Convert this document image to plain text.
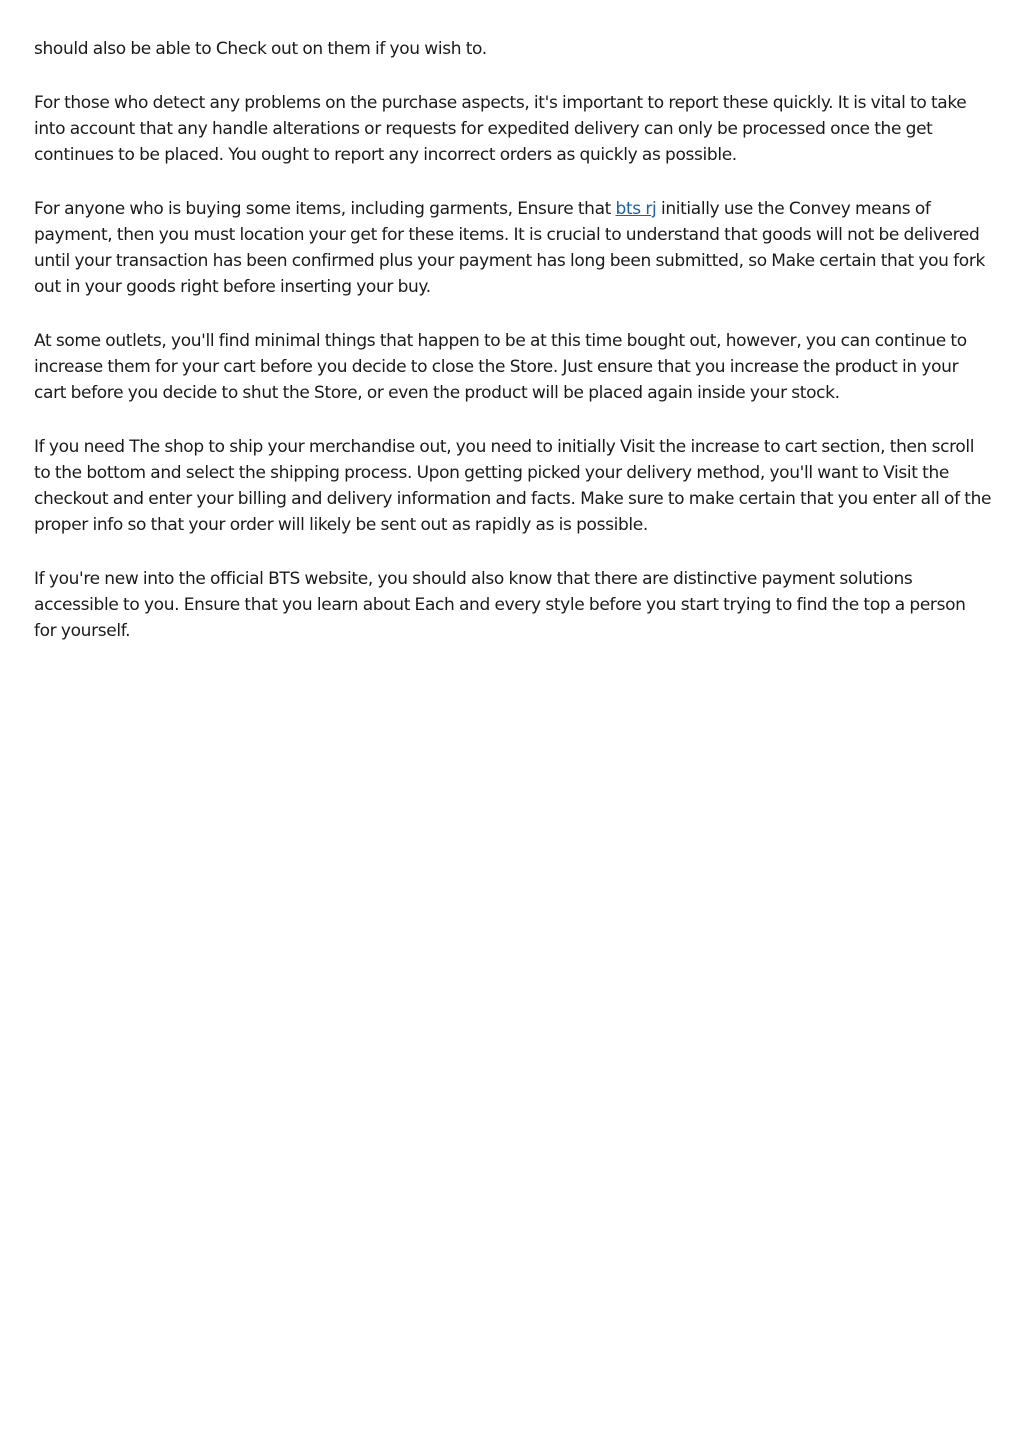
should also be able to Check out on them if you wish to.

For those who detect any problems on the purchase aspects, it's important to report these quickly. It is vital to take into account that any handle alterations or requests for expedited delivery can only be processed once the get continues to be placed. You ought to report any incorrect orders as quickly as possible.

For anyone who is buying some items, including garments, Ensure that bts rj initially use the Convey means of payment, then you must location your get for these items. It is crucial to understand that goods will not be delivered until your transaction has been confirmed plus your payment has long been submitted, so Make certain that you fork out in your goods right before inserting your buy.

At some outlets, you'll find minimal things that happen to be at this time bought out, however, you can continue to increase them for your cart before you decide to close the Store. Just ensure that you increase the product in your cart before you decide to shut the Store, or even the product will be placed again inside your stock.

If you need The shop to ship your merchandise out, you need to initially Visit the increase to cart section, then scroll to the bottom and select the shipping process. Upon getting picked your delivery method, you'll want to Visit the checkout and enter your billing and delivery information and facts. Make sure to make certain that you enter all of the proper info so that your order will likely be sent out as rapidly as is possible.

If you're new into the official BTS website, you should also know that there are distinctive payment solutions accessible to you. Ensure that you learn about Each and every style before you start trying to find the top a person for yourself.
